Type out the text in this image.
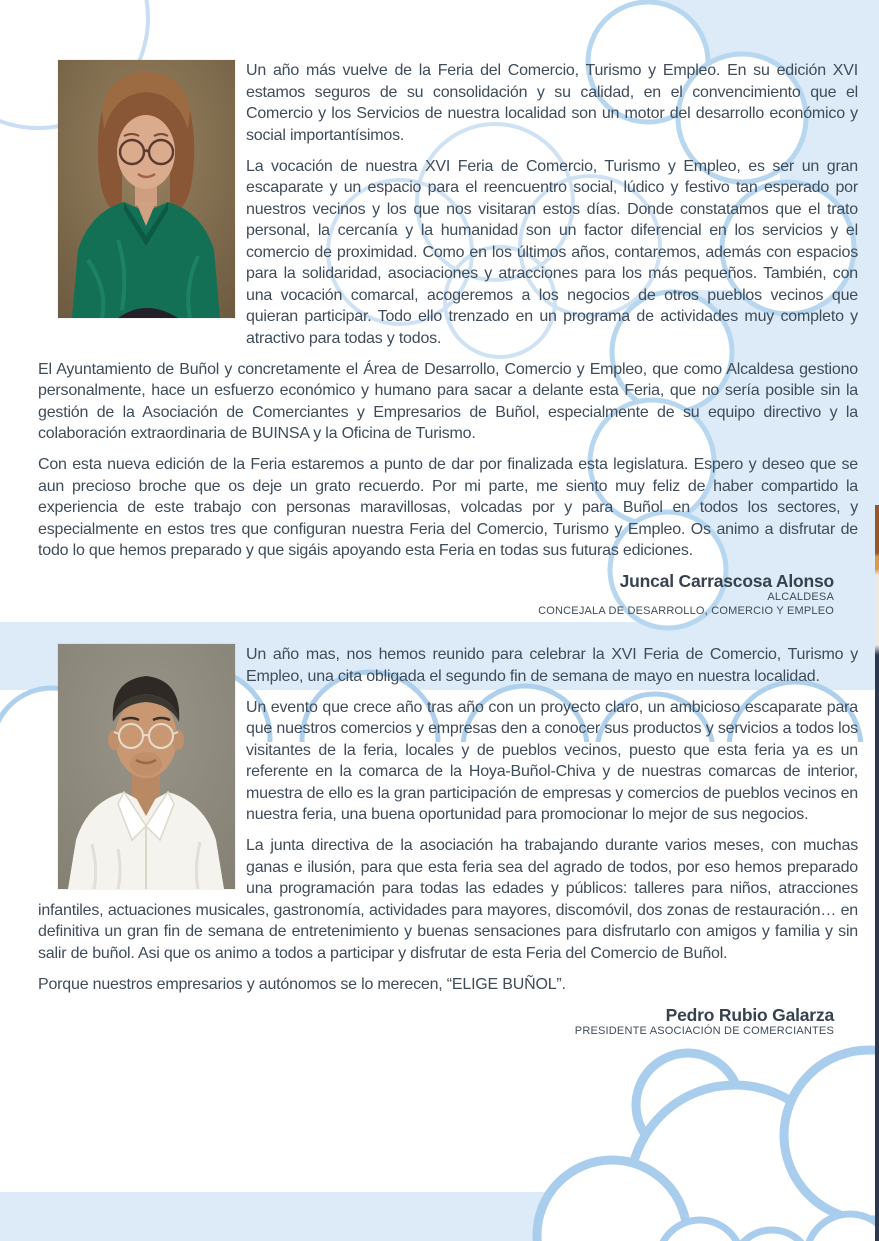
Un año más vuelve de la Feria del Comercio, Turismo y Empleo. En su edición XVI estamos seguros de su consolidación y su calidad, en el convencimiento que el Comercio y los Servicios de nuestra localidad son un motor del desarrollo económico y social importantísimos.

La vocación de nuestra XVI Feria de Comercio, Turismo y Empleo, es ser un gran escaparate y un espacio para el reencuentro social, lúdico y festivo tan esperado por nuestros vecinos y los que nos visitaran estos días. Donde constatamos que el trato personal, la cercanía y la humanidad son un factor diferencial en los servicios y el comercio de proximidad. Como en los últimos años, contaremos, además con espacios para la solidaridad, asociaciones y atracciones para los más pequeños. También, con una vocación comarcal, acogeremos a los negocios de otros pueblos vecinos que quieran participar. Todo ello trenzado en un programa de actividades muy completo y atractivo para todas y todos.

El Ayuntamiento de Buñol y concretamente el Área de Desarrollo, Comercio y Empleo, que como Alcaldesa gestiono personalmente, hace un esfuerzo económico y humano para sacar a delante esta Feria, que no sería posible sin la gestión de la Asociación de Comerciantes y Empresarios de Buñol, especialmente de su equipo directivo y la colaboración extraordinaria de BUINSA y la Oficina de Turismo.

Con esta nueva edición de la Feria estaremos a punto de dar por finalizada esta legislatura. Espero y deseo que se aun precioso broche que os deje un grato recuerdo. Por mi parte, me siento muy feliz de haber compartido la experiencia de este trabajo con personas maravillosas, volcadas por y para Buñol en todos los sectores, y especialmente en estos tres que configuran nuestra Feria del Comercio, Turismo y Empleo. Os animo a disfrutar de todo lo que hemos preparado y que sigáis apoyando esta Feria en todas sus futuras ediciones.

Juncal Carrascosa Alonso
ALCALDESA
CONCEJALA DE DESARROLLO, COMERCIO Y EMPLEO

Un año mas, nos hemos reunido para celebrar la XVI Feria de Comercio, Turismo y Empleo, una cita obligada el segundo fin de semana de mayo en nuestra localidad.

Un evento que crece año tras año con un proyecto claro, un ambicioso escaparate para que nuestros comercios y empresas den a conocer sus productos y servicios a todos los visitantes de la feria, locales y de pueblos vecinos, puesto que esta feria ya es un referente en la comarca de la Hoya-Buñol-Chiva y de nuestras comarcas de interior, muestra de ello es la gran participación de empresas y comercios de pueblos vecinos en nuestra feria, una buena oportunidad para promocionar lo mejor de sus negocios.

La junta directiva de la asociación ha trabajando durante varios meses, con muchas ganas e ilusión, para que esta feria sea del agrado de todos, por eso hemos preparado una programación para todas las edades y públicos: talleres para niños, atracciones infantiles, actuaciones musicales, gastronomía, actividades para mayores, discomóvil, dos zonas de restauración… en definitiva un gran fin de semana de entretenimiento y buenas sensaciones para disfrutarlo con amigos y familia y sin salir de buñol. Asi que os animo a todos a participar y disfrutar de esta Feria del Comercio de Buñol.

Porque nuestros empresarios y autónomos se lo merecen, “ELIGE BUÑOL”.

Pedro Rubio Galarza
PRESIDENTE ASOCIACIÓN DE COMERCIANTES
